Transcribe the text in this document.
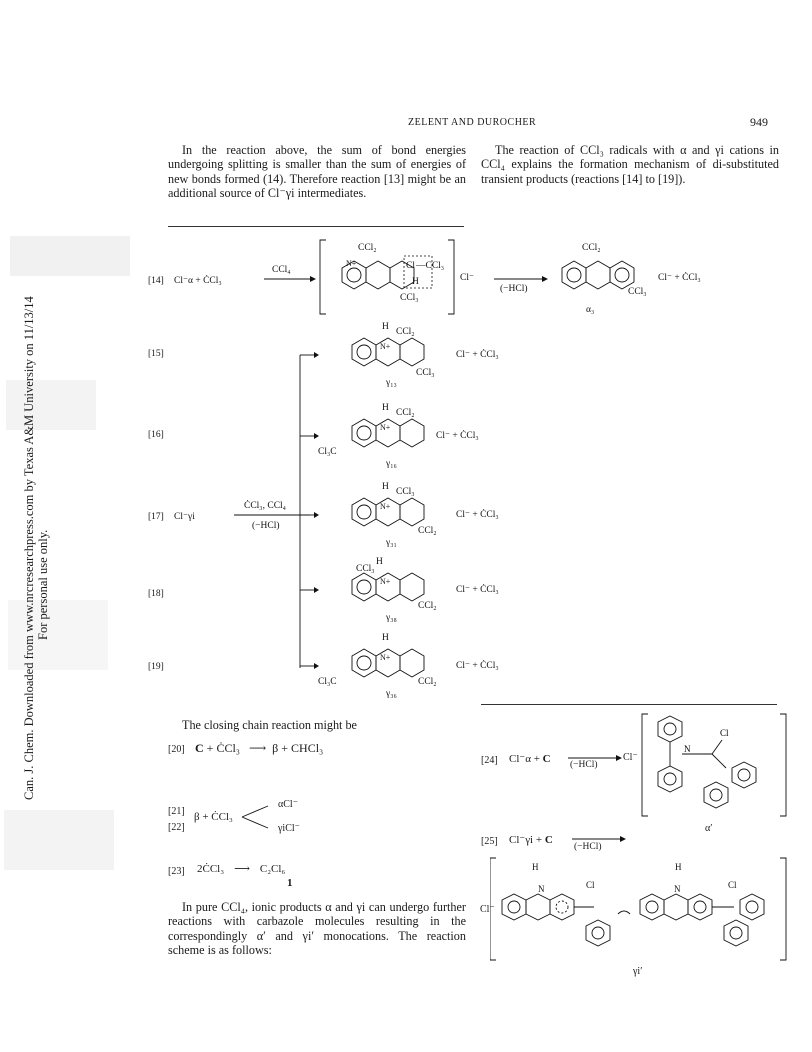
Can. J. Chem. Downloaded from www.nrcresearchpress.com by Texas A&M University on 11/13/14 For personal use only.
ZELENT AND DUROCHER	949
In the reaction above, the sum of bond energies undergoing splitting is smaller than the sum of energies of new bonds formed (14). Therefore reaction [13] might be an additional source of Cl⁻γi intermediates.
The reaction of CCl₃ radicals with α and γi cations in CCl₄ explains the formation mechanism of di-substituted transient products (reactions [14] to [19]).
[14] Cl⁻α + ĊCl₃
CCl₄
CCl₂
N+	Cl —CCl₃
H
CCl₃
Cl⁻
(−HCl)
CCl₂
CCl₃
Cl⁻ + ĊCl₃
α₃
[17] Cl⁻γi
ĊCl₃, CCl₄
(−HCl)
[15]
[16]
[18]
[19]
H
N+
CCl₂
CCl₃
Cl⁻ + ĊCl₃
γ₁₃
H
N+
CCl₂
Cl₃C
Cl⁻ + ĊCl₃
γ₁₆
H
N+
CCl₃
CCl₂
Cl⁻ + ĊCl₃
γ₃₁
H
CCl₃
N+
CCl₂
Cl⁻ + ĊCl₃
γ₃₈
H
N+
Cl₃C	CCl₂
Cl⁻ + ĊCl₃
γ₃₆
The closing chain reaction might be
[20] C + ĊCl₃ ⟶ β + CHCl₃
[21]
[22]
β + ĊCl₃
αCl⁻
γiCl⁻
[23] 2ĊCl₃ ⟶ C₂Cl₆
1
In pure CCl₄, ionic products α and γi can undergo further reactions with carbazole molecules resulting in the correspondingly α′ and γi′ monocations. The reaction scheme is as follows:
[24] Cl⁻α + C (−HCl)
Cl⁻
N
Cl
α′
[25] Cl⁻γi + C
(−HCl)
Cl⁻
H
N	Cl
H
N	Cl
γi′
